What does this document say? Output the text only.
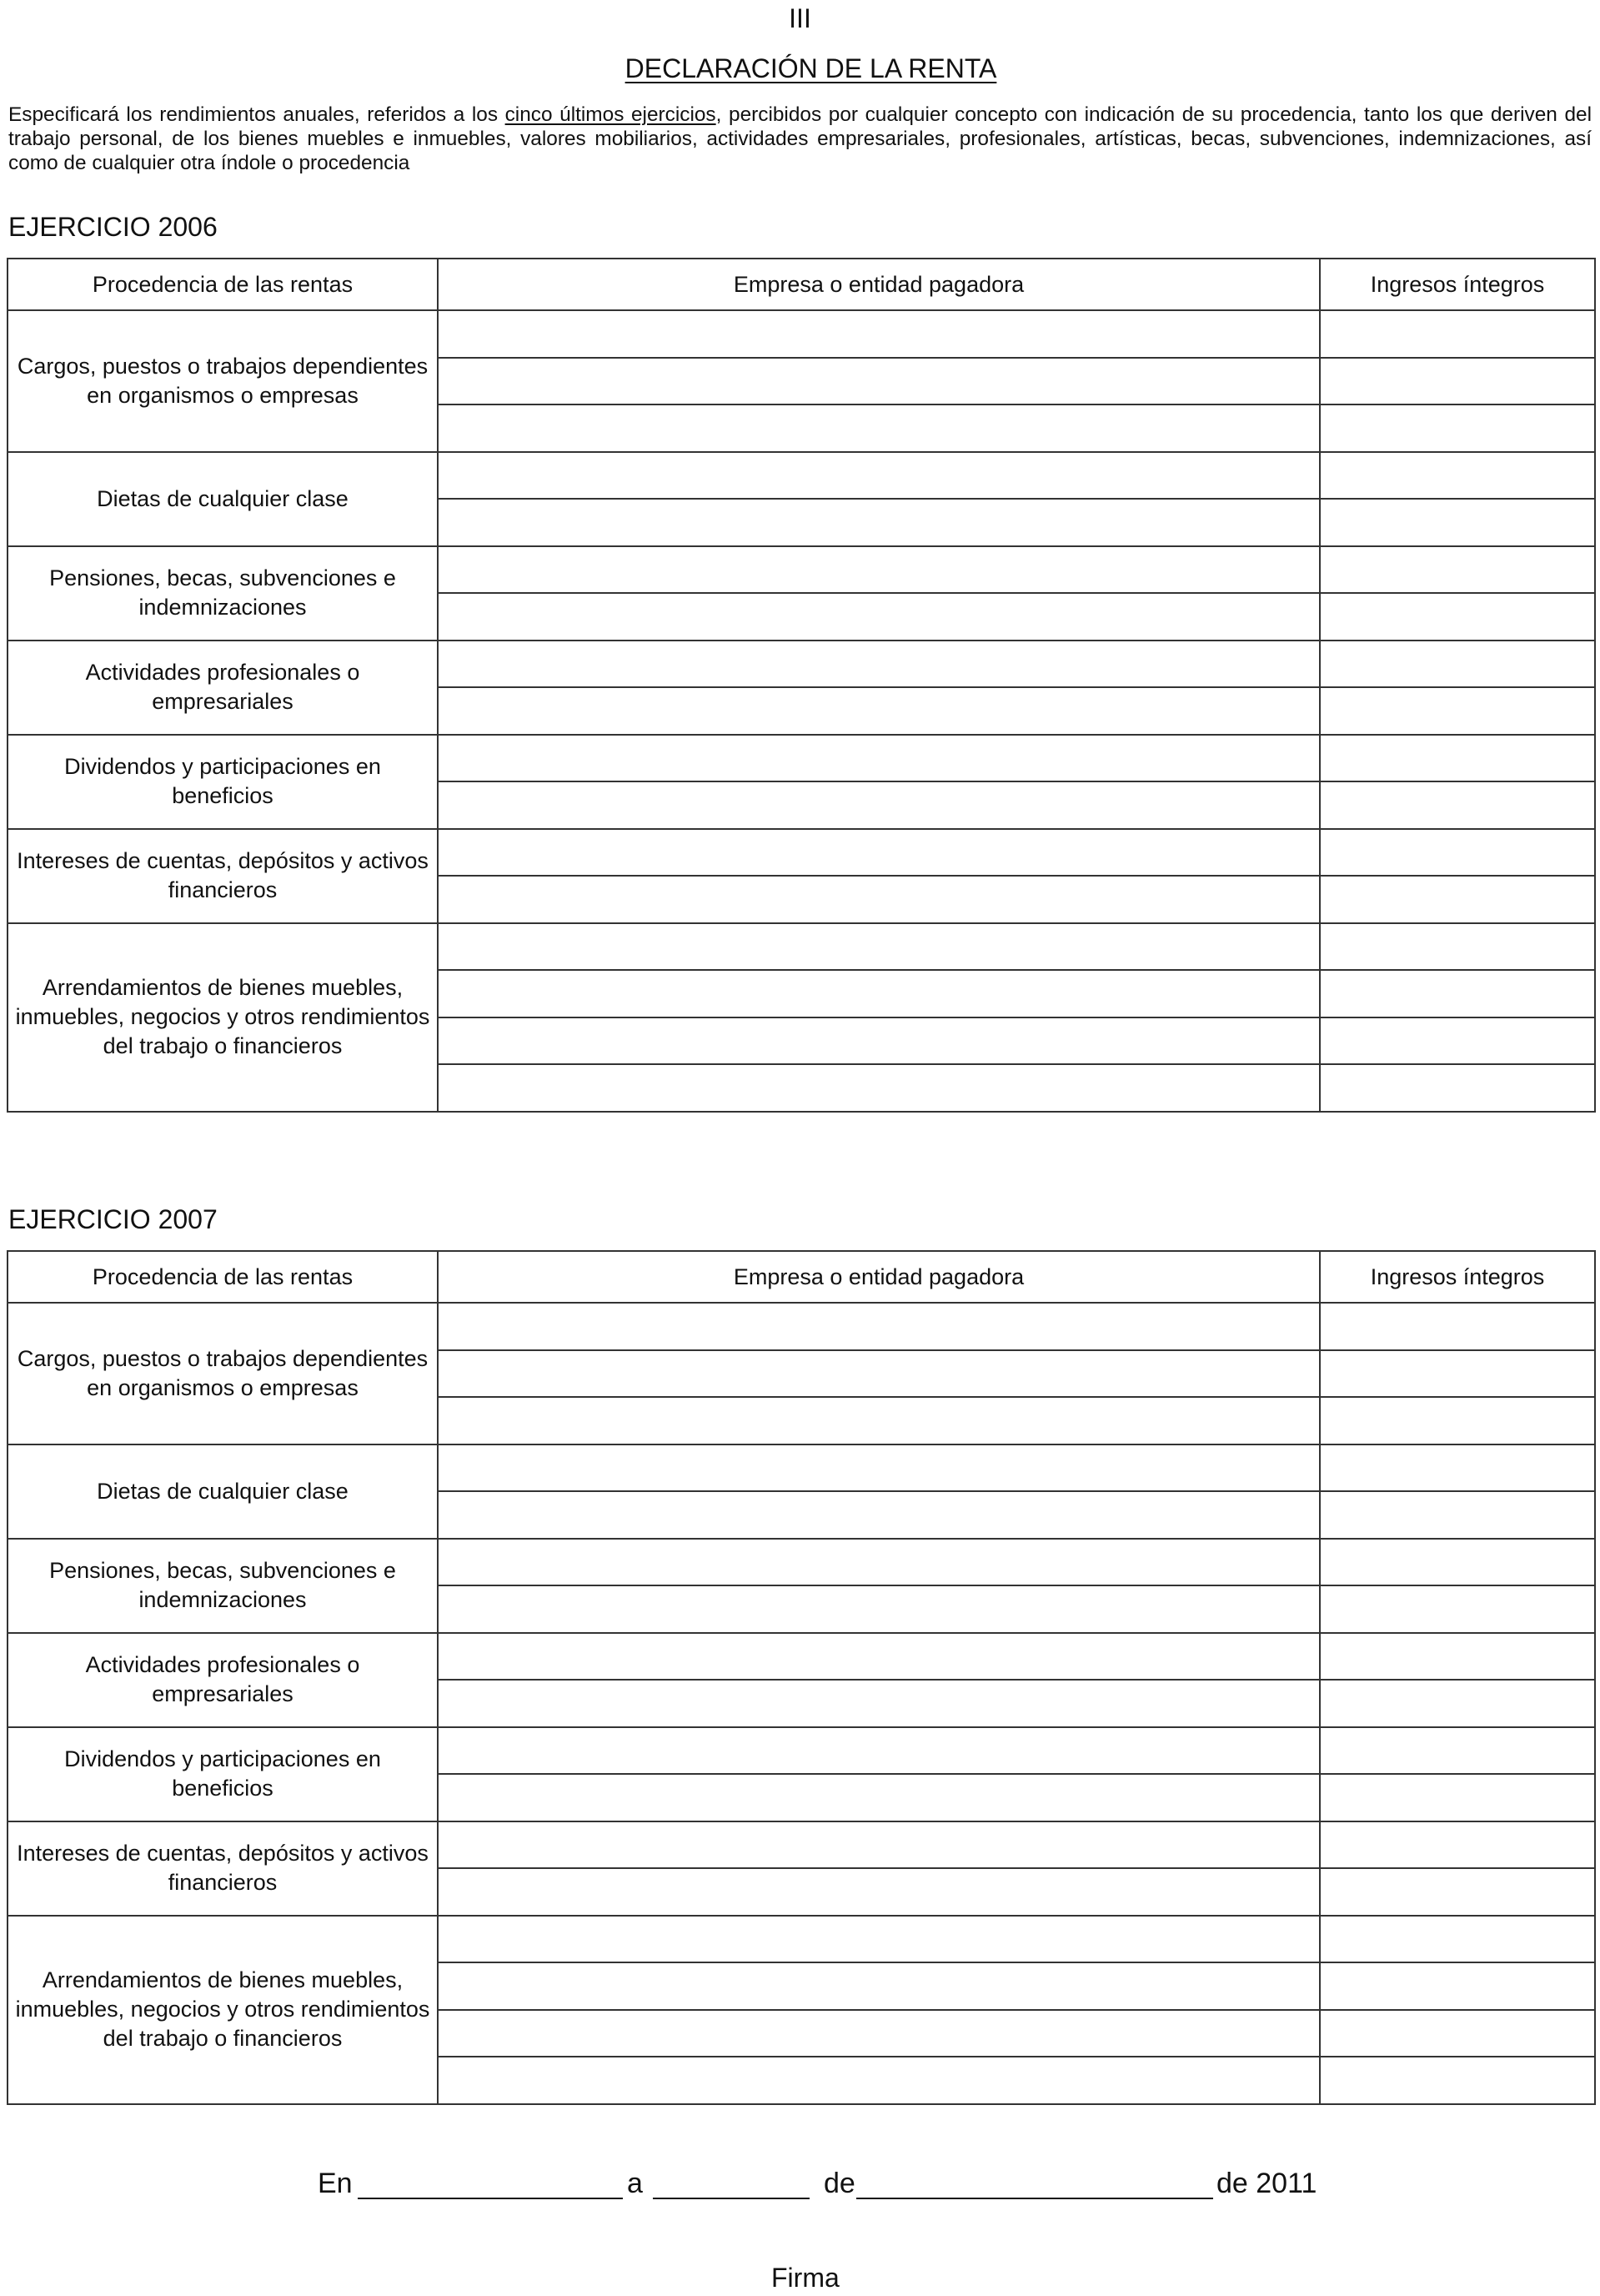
III
DECLARACIÓN DE LA RENTA
Especificará los rendimientos anuales, referidos a los cinco últimos ejercicios, percibidos por cualquier concepto con indicación de su procedencia, tanto los que deriven del trabajo personal, de los bienes muebles e inmuebles, valores mobiliarios, actividades empresariales, profesionales, artísticas, becas, subvenciones, indemnizaciones, así como de cualquier otra índole o procedencia
EJERCICIO 2006
Procedencia de las rentas	Empresa o entidad pagadora	Ingresos íntegros
Cargos, puestos o trabajos dependientes en organismos o empresas		

Dietas de cualquier clase		

Pensiones, becas, subvenciones e indemnizaciones		

Actividades profesionales o empresariales		

Dividendos y participaciones en beneficios		

Intereses de cuentas, depósitos y activos financieros		

Arrendamientos de bienes muebles, inmuebles, negocios y otros rendimientos del trabajo o financieros		

EJERCICIO 2007
Procedencia de las rentas	Empresa o entidad pagadora	Ingresos íntegros
Cargos, puestos o trabajos dependientes en organismos o empresas		

Dietas de cualquier clase		

Pensiones, becas, subvenciones e indemnizaciones		

Actividades profesionales o empresariales		

Dividendos y participaciones en beneficios		

Intereses de cuentas, depósitos y activos financieros		

Arrendamientos de bienes muebles, inmuebles, negocios y otros rendimientos del trabajo o financieros		

En	a	de	de 2011
Firma
